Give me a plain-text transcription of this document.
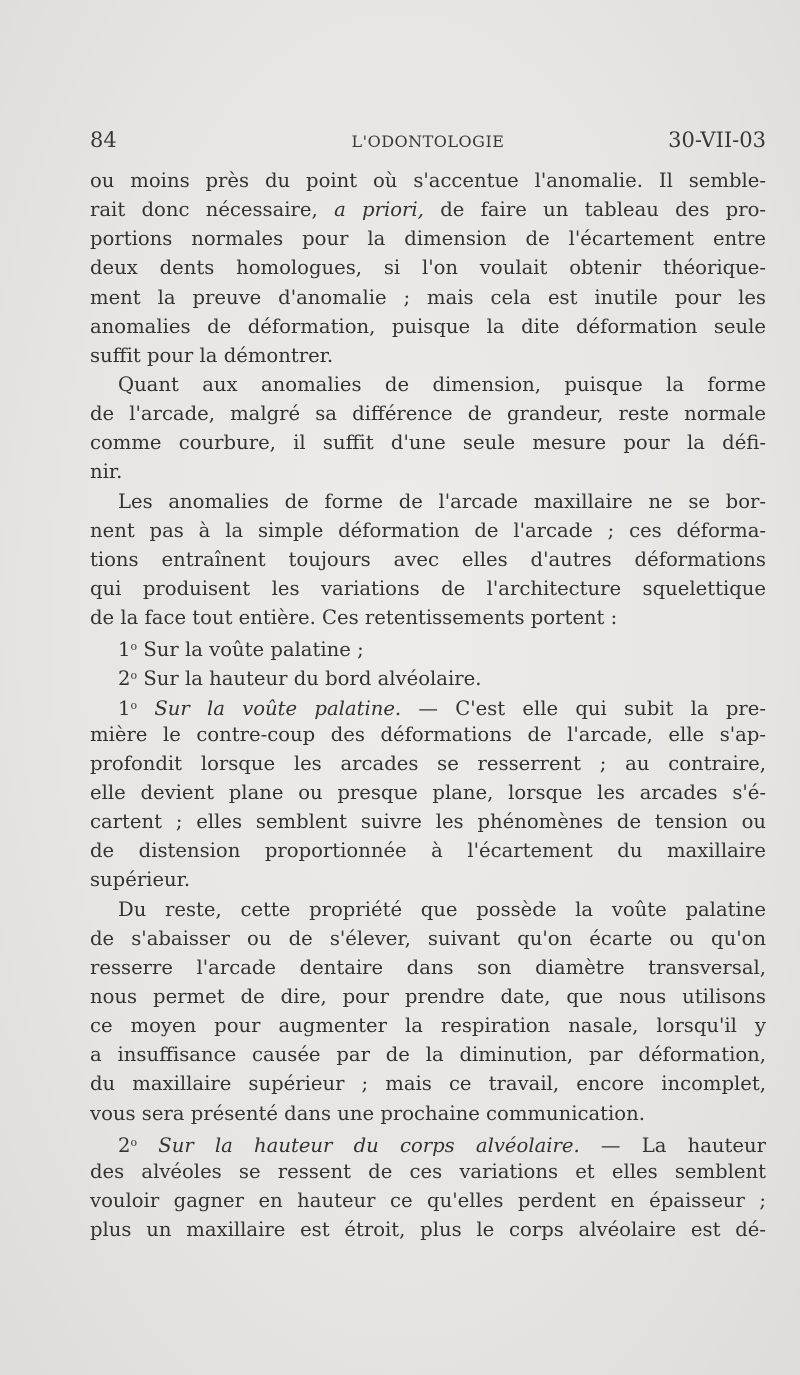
84	L'ODONTOLOGIE	30-VII-03
ou moins près du point où s'accentue l'anomalie. Il semble-
rait donc nécessaire, a priori, de faire un tableau des pro-
portions normales pour la dimension de l'écartement entre
deux dents homologues, si l'on voulait obtenir théorique-
ment la preuve d'anomalie ; mais cela est inutile pour les
anomalies de déformation, puisque la dite déformation seule
suffit pour la démontrer.
Quant aux anomalies de dimension, puisque la forme
de l'arcade, malgré sa différence de grandeur, reste normale
comme courbure, il suffit d'une seule mesure pour la défi-
nir.
Les anomalies de forme de l'arcade maxillaire ne se bor-
nent pas à la simple déformation de l'arcade ; ces déforma-
tions entraînent toujours avec elles d'autres déformations
qui produisent les variations de l'architecture squelettique
de la face tout entière. Ces retentissements portent :
1$^o$ Sur la voûte palatine ;
2$^o$ Sur la hauteur du bord alvéolaire.
1$^o$ Sur la voûte palatine. — C'est elle qui subit la pre-
mière le contre-coup des déformations de l'arcade, elle s'ap-
profondit lorsque les arcades se resserrent ; au contraire,
elle devient plane ou presque plane, lorsque les arcades s'é-
cartent ; elles semblent suivre les phénomènes de tension ou
de distension proportionnée à l'écartement du maxillaire
supérieur.
Du reste, cette propriété que possède la voûte palatine
de s'abaisser ou de s'élever, suivant qu'on écarte ou qu'on
resserre l'arcade dentaire dans son diamètre transversal,
nous permet de dire, pour prendre date, que nous utilisons
ce moyen pour augmenter la respiration nasale, lorsqu'il y
a insuffisance causée par de la diminution, par déformation,
du maxillaire supérieur ; mais ce travail, encore incomplet,
vous sera présenté dans une prochaine communication.
2$^o$ Sur la hauteur du corps alvéolaire. — La hauteur
des alvéoles se ressent de ces variations et elles semblent
vouloir gagner en hauteur ce qu'elles perdent en épaisseur ;
plus un maxillaire est étroit, plus le corps alvéolaire est dé-
